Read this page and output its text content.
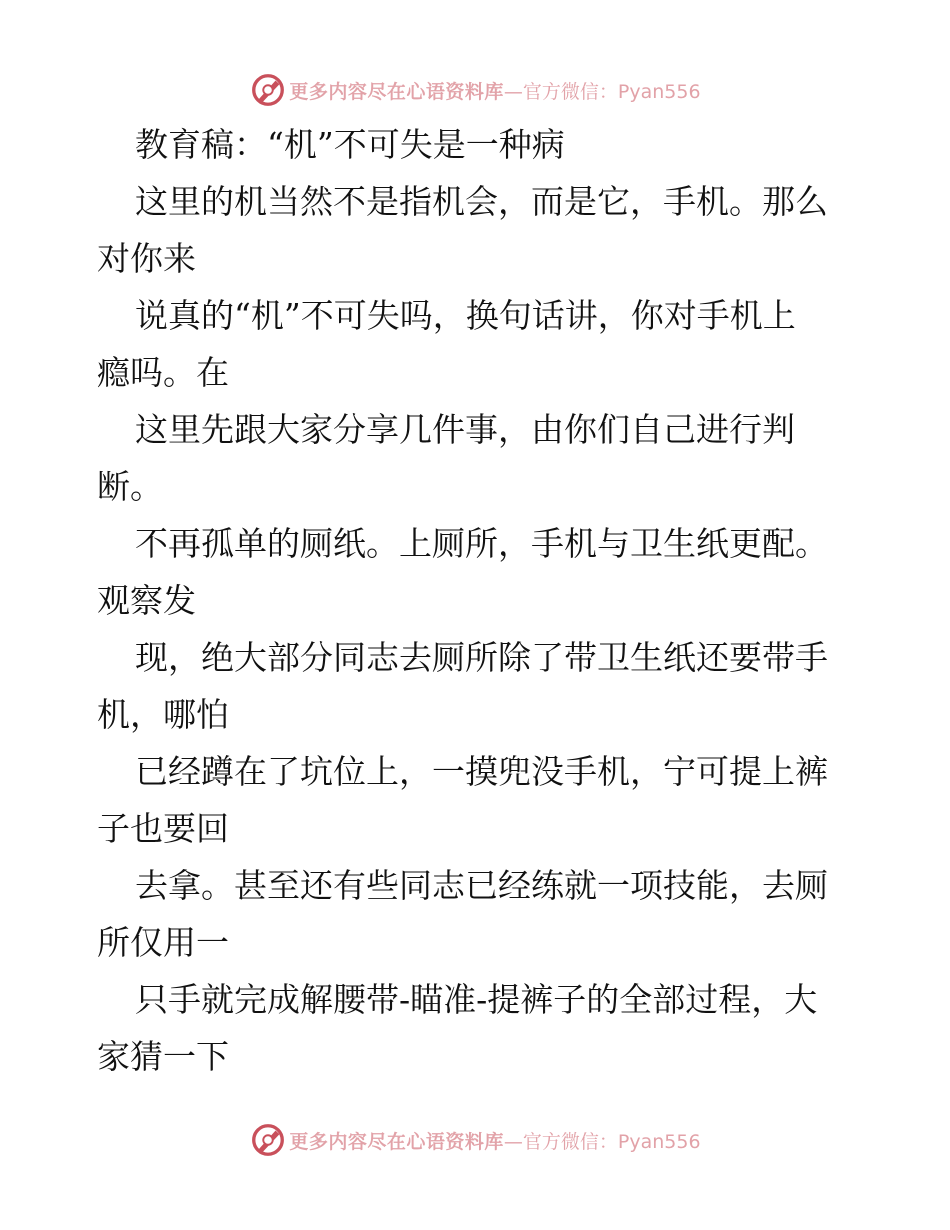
更多内容尽在心语资料库 —官方微信：Pyan556

教育稿：“机”不可失是一种病

这里的机当然不是指机会，而是它，手机。那么

对你来

说真的“机”不可失吗，换句话讲，你对手机上

瘾吗。在

这里先跟大家分享几件事，由你们自己进行判

断。

不再孤单的厕纸。上厕所，手机与卫生纸更配。

观察发

现，绝大部分同志去厕所除了带卫生纸还要带手

机，哪怕

已经蹲在了坑位上，一摸兜没手机，宁可提上裤

子也要回

去拿。甚至还有些同志已经练就一项技能，去厕

所仅用一

只手就完成解腰带-瞄准-提裤子的全部过程，大

家猜一下

更多内容尽在心语资料库 —官方微信：Pyan556
